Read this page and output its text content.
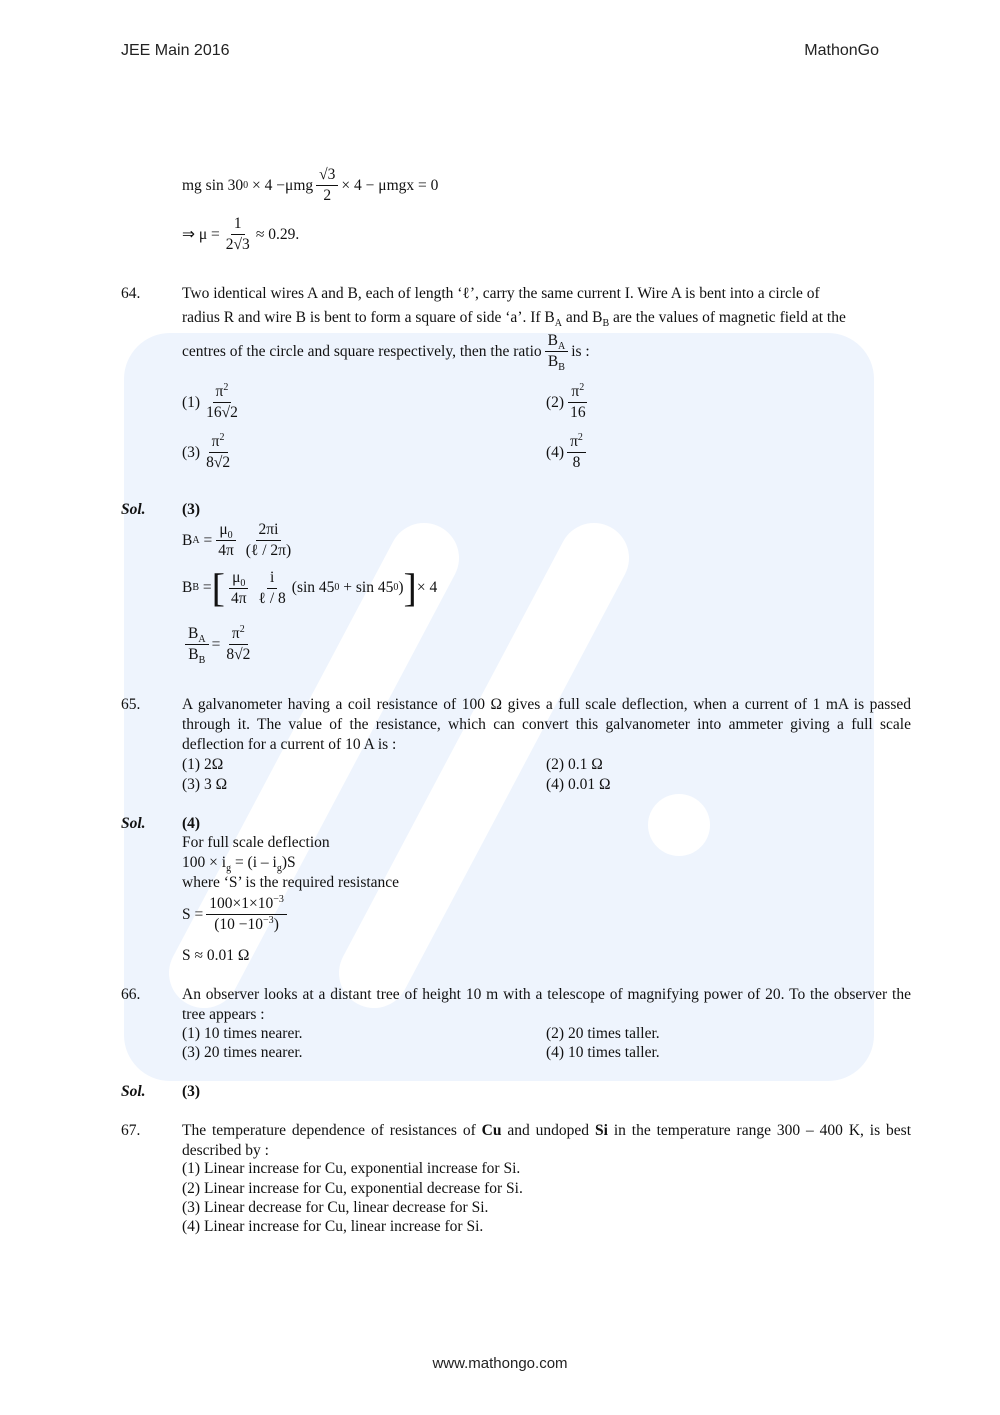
JEE Main 2016	MathonGo
www.mathongo.com
mg sin 30 0
× $4 -\mu mg \frac{√3}{2} \times 4 - \mu mgx = 0$
⇒ $\mu = \frac{1}{2√3} \approx 0.29$.
64.	Two identical wires A and B, each of length ‘ℓ’, carry the same current I. Wire A is bent into a circle of
radius R and wire B is bent to form a square of side ‘a’. If $B_A$ and $B_B$ are the values of magnetic field at the
centres of the circle and square respectively, then the ratio $\frac{B_A}{B_B}$ is :
$(1) \frac{\pi^2}{16√2}$	$(2) \frac{\pi^2}{16}$
$(3) \frac{\pi^2}{8√2}$	$(4) \frac{\pi^2}{8}$
Sol. (3)
B $A = \frac{\mu_0}{4\pi} \frac{2\pi i}{\text{(ℓ / 2π)}}$
B B = [ $\frac{\mu_0}{4\pi} \frac{i}{\text{ℓ / 8}} (\sin$ 45 0
+ sin 45 0 ) ] × 4
$\frac{B_A}{B_B} = \frac{\pi^2}{8√2}$
65.	A galvanometer having a coil resistance of 100 Ω gives a full scale deflection, when a current of 1 mA is passed through it. The value of the resistance, which can convert this galvanometer into ammeter giving a full scale deflection for a current of 10 A is :
(1) 2Ω	(2) 0.1 Ω
(3) 3 Ω	(4) 0.01 Ω
Sol. (4)
For full scale deflection
$100 \times i_g = (i - i_g)S$
where ‘S’ is the required resistance
$S = \frac{100\times 1\times 10^{-3}}{(10 -10^{-3})}$
S ≈ 0.01 Ω
66.	An observer looks at a distant tree of height 10 m with a telescope of magnifying power of 20. To the observer the tree appears :
(1) 10 times nearer.	(2) 20 times taller.
(3) 20 times nearer.	(4) 10 times taller.
Sol. (3)
67.	The temperature dependence of resistances of Cu and undoped Si in the temperature range 300 – 400 K, is best described by :
(1) Linear increase for Cu, exponential increase for Si.
(2) Linear increase for Cu, exponential decrease for Si.
(3) Linear decrease for Cu, linear decrease for Si.
(4) Linear increase for Cu, linear increase for Si.
